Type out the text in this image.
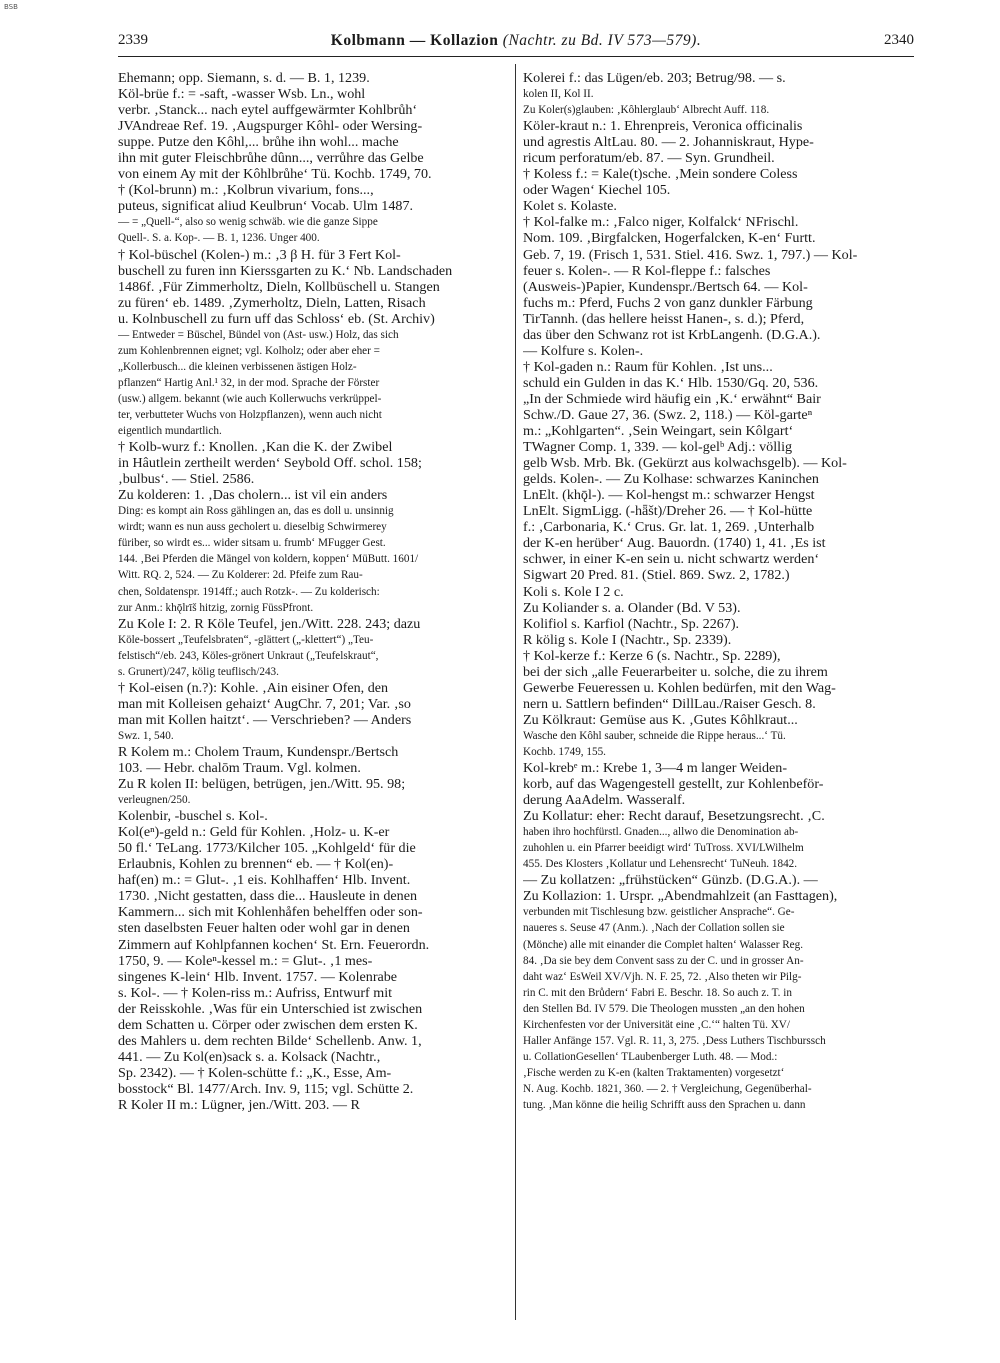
BSB
2339	Kolbmann — Kollazion (Nachtr. zu Bd. IV 573—579).	2340

Ehemann; opp. Siemann, s. d. — B. 1, 1239.

Köl-brüe f.: = -saft, -wasser Wsb. Ln., wohl

verbr. ‚Stanck... nach eytel auffgewärmter Kohlbrůh‘

JVAndreae Ref. 19. ‚Augspurger Kôhl- oder Wersing-

suppe. Putze den Kôhl,... brůhe ihn wohl... mache

ihn mit guter Fleischbrůhe dûnn..., verrůhre das Gelbe

von einem Ay mit der Kôhlbrůhe‘ Tü. Kochb. 1749, 70.

† (Kol-brunn) m.: ‚Kolbrun vivarium, fons...,

puteus, significat aliud Keulbrun‘ Vocab. Ulm 1487.

— = „Quell-“, also so wenig schwäb. wie die ganze Sippe

Quell-. S. a. Kop-. — B. 1, 1236. Unger 400.

† Kol-büschel (Kolen-) m.: ‚3 β H. für 3 Fert Kol-

buschell zu furen inn Kierssgarten zu K.‘ Nb. Landschaden

1486f. ‚Für Zimmerholtz, Dieln, Kollbüschell u. Stangen

zu füren‘ eb. 1489. ‚Zymerholtz, Dieln, Latten, Risach

u. Kolnbuschell zu furn uff das Schloss‘ eb. (St. Archiv)

— Entweder = Büschel, Bündel von (Ast- usw.) Holz, das sich

zum Kohlenbrennen eignet; vgl. Kolholz; oder aber eher =

„Kollerbusch... die kleinen verbissenen ästigen Holz-

pflanzen“ Hartig Anl.¹ 32, in der mod. Sprache der Förster

(usw.) allgem. bekannt (wie auch Kollerwuchs verkrüppel-

ter, verbutteter Wuchs von Holzpflanzen), wenn auch nicht

eigentlich mundartlich.

† Kolb-wurz f.: Knollen. ‚Kan die K. der Zwibel

in Hâutlein zertheilt werden‘ Seybold Off. schol. 158;

‚bulbus‘. — Stiel. 2586.

Zu kolderen: 1. ‚Das cholern... ist vil ein anders

Ding: es kompt ain Ross gählingen an, das es doll u. unsinnig

wirdt; wann es nun auss gecholert u. dieselbig Schwirmerey

füriber, so wirdt es... wider sitsam u. frumb‘ MFugger Gest.

144. ‚Bei Pferden die Mängel von koldern, koppen‘ MüButt. 1601/

Witt. RQ. 2, 524. — Zu Kolderer: 2d. Pfeife zum Rau-

chen, Soldatenspr. 1914ff.; auch Rotzk-. — Zu kolderisch:

zur Anm.: khǭlrīš hitzig, zornig FüssPfront.

Zu Kole I: 2. R Köle Teufel, jen./Witt. 228. 243; dazu

Köle-bossert „Teufelsbraten“, -glättert („-klettert“) „Teu-

felstisch“/eb. 243, Köles-grönert Unkraut („Teufelskraut“,

s. Grunert)/247, kölig teuflisch/243.

† Kol-eisen (n.?): Kohle. ‚Ain eisiner Ofen, den

man mit Kolleisen gehaizt‘ AugChr. 7, 201; Var. ‚so

man mit Kollen haitzt‘. — Verschrieben? — Anders

Swz. 1, 540.

R Kolem m.: Cholem Traum, Kundenspr./Bertsch

103. — Hebr. chalōm Traum. Vgl. kolmen.

Zu R kolen II: belügen, betrügen, jen./Witt. 95. 98;

verleugnen/250.

Kolenbir, -buschel s. Kol-.

Kol(eⁿ)-geld n.: Geld für Kohlen. ‚Holz- u. K-er

50 fl.‘ TeLang. 1773/Kilcher 105. „Kohlgeld‘ für die

Erlaubnis, Kohlen zu brennen“ eb. — † Kol(en)-

haf(en) m.: = Glut-. ‚1 eis. Kohlhaffen‘ Hlb. Invent.

1730. ‚Nicht gestatten, dass die... Hausleute in denen

Kammern... sich mit Kohlenhåfen behelffen oder son-

sten daselbsten Feuer halten oder wohl gar in denen

Zimmern auf Kohlpfannen kochen‘ St. Ern. Feuerordn.

1750, 9. — Koleⁿ-kessel m.: = Glut-. ‚1 mes-

singenes K-lein‘ Hlb. Invent. 1757. — Kolenrabe

s. Kol-. — † Kolen-riss m.: Aufriss, Entwurf mit

der Reisskohle. ‚Was für ein Unterschied ist zwischen

dem Schatten u. Cörper oder zwischen dem ersten K.

des Mahlers u. dem rechten Bilde‘ Schellenb. Anw. 1,

441. — Zu Kol(en)sack s. a. Kolsack (Nachtr.,

Sp. 2342). — † Kolen-schütte f.: „K., Esse, Am-

bosstock“ Bl. 1477/Arch. Inv. 9, 115; vgl. Schütte 2.

R Koler II m.: Lügner, jen./Witt. 203. — R

Kolerei f.: das Lügen/eb. 203; Betrug/98. — s.

kolen II, Kol II.

Zu Koler(s)glauben: ‚Kôhlerglaub‘ Albrecht Auff. 118.

Köler-kraut n.: 1. Ehrenpreis, Veronica officinalis

und agrestis AltLau. 80. — 2. Johanniskraut, Hype-

ricum perforatum/eb. 87. — Syn. Grundheil.

† Koless f.: = Kale(t)sche. ‚Mein sondere Coless

oder Wagen‘ Kiechel 105.

Kolet s. Kolaste.

† Kol-falke m.: ‚Falco niger, Kolfalck‘ NFrischl.

Nom. 109. ‚Birgfalcken, Hogerfalcken, K-en‘ Furtt.

Geb. 7, 19. (Frisch 1, 531. Stiel. 416. Swz. 1, 797.) — Kol-

feuer s. Kolen-. — R Kol-fleppe f.: falsches

(Ausweis-)Papier, Kundenspr./Bertsch 64. — Kol-

fuchs m.: Pferd, Fuchs 2 von ganz dunkler Färbung

TirTannh. (das hellere heisst Hanen-, s. d.); Pferd,

das über den Schwanz rot ist KrbLangenh. (D.G.A.).

— Kolfure s. Kolen-.

† Kol-gaden n.: Raum für Kohlen. ‚Ist uns...

schuld ein Gulden in das K.‘ Hlb. 1530/Gq. 20, 536.

„In der Schmiede wird häufig ein ‚K.‘ erwähnt“ Bair

Schw./D. Gaue 27, 36. (Swz. 2, 118.) — Köl-garteⁿ

m.: „Kohlgarten“. ‚Sein Weingart, sein Kôlgart‘

TWagner Comp. 1, 339. — kol-gelᵇ Adj.: völlig

gelb Wsb. Mrb. Bk. (Gekürzt aus kolwachsgelb). — Kol-

gelds. Kolen-. — Zu Kolhase: schwarzes Kaninchen

LnElt. (khǭl-). — Kol-hengst m.: schwarzer Hengst

LnElt. SigmLigg. (-hǟšt)/Dreher 26. — † Kol-hütte

f.: ‚Carbonaria, K.‘ Crus. Gr. lat. 1, 269. ‚Unterhalb

der K-en herüber‘ Aug. Bauordn. (1740) 1, 41. ‚Es ist

schwer, in einer K-en sein u. nicht schwartz werden‘

Sigwart 20 Pred. 81. (Stiel. 869. Swz. 2, 1782.)

Koli s. Kole I 2 c.

Zu Koliander s. a. Olander (Bd. V 53).

Kolifiol s. Karfiol (Nachtr., Sp. 2267).

R kölig s. Kole I (Nachtr., Sp. 2339).

† Kol-kerze f.: Kerze 6 (s. Nachtr., Sp. 2289),

bei der sich „alle Feuerarbeiter u. solche, die zu ihrem

Gewerbe Feueressen u. Kohlen bedürfen, mit den Wag-

nern u. Sattlern befinden“ DillLau./Raiser Gesch. 8.

Zu Kölkraut: Gemüse aus K. ‚Gutes Kôhlkraut...

Wasche den Kôhl sauber, schneide die Rippe heraus...‘ Tü.

Kochb. 1749, 155.

Kol-krebᵉ m.: Krebe 1, 3—4 m langer Weiden-

korb, auf das Wagengestell gestellt, zur Kohlenbeför-

derung AaAdelm. Wasseralf.

Zu Kollatur: eher: Recht darauf, Besetzungsrecht. ‚C.

haben ihro hochfürstl. Gnaden..., allwo die Denomination ab-

zuhohlen u. ein Pfarrer beeidigt wird‘ TuTross. XVI/LWilhelm

455. Des Klosters ‚Kollatur und Lehensrecht‘ TuNeuh. 1842.

— Zu kollatzen: „frühstücken“ Günzb. (D.G.A.). —

Zu Kollazion: 1. Urspr. „Abendmahlzeit (an Fasttagen),

verbunden mit Tischlesung bzw. geistlicher Ansprache“. Ge-

naueres s. Seuse 47 (Anm.). ‚Nach der Collation sollen sie

(Mönche) alle mit einander die Complet halten‘ Walasser Reg.

84. ‚Da sie bey dem Convent sass zu der C. und in grosser An-

daht waz‘ EsWeil XV/Vjh. N. F. 25, 72. ‚Also theten wir Pilg-

rin C. mit den Brůdern‘ Fabri E. Beschr. 18. So auch z. T. in

den Stellen Bd. IV 579. Die Theologen mussten „an den hohen

Kirchenfesten vor der Universität eine ‚C.‘“ halten Tü. XV/

Haller Anfänge 157. Vgl. R. 11, 3, 275. ‚Dess Luthers Tischburssch

u. CollationGesellen‘ TLaubenberger Luth. 48. — Mod.:

‚Fische werden zu K-en (kalten Traktamenten) vorgesetzt‘

N. Aug. Kochb. 1821, 360. — 2. † Vergleichung, Gegenüberhal-

tung. ‚Man könne die heilig Schrifft auss den Sprachen u. dann
